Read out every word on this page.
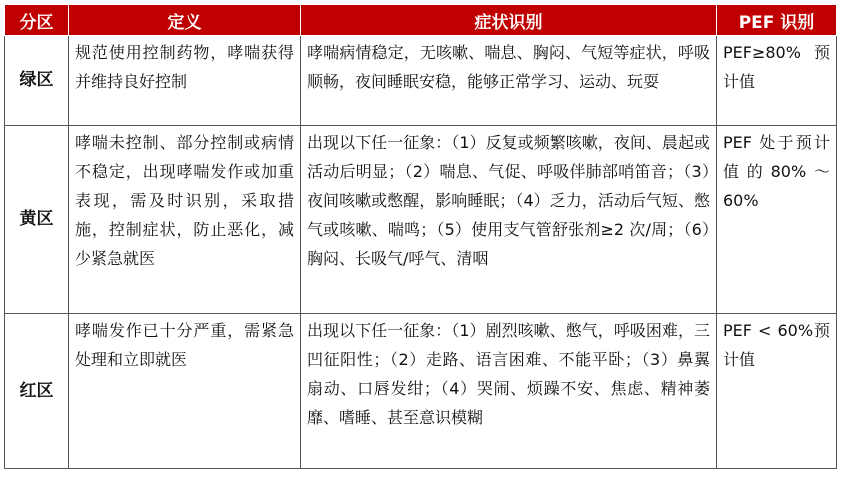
分区	定义	症状识别	PEF 识别
绿区	规范使用控制药物，哮喘获得并维持良好控制	哮喘病情稳定，无咳嗽、喘息、胸闷、气短等症状，呼吸顺畅，夜间睡眠安稳，能够正常学习、运动、玩耍	PEF≥80%预计值
黄区	哮喘未控制、部分控制或病情不稳定，出现哮喘发作或加重表现，需及时识别，采取措施，控制症状，防止恶化，减少紧急就医	出现以下任一征象：（1）反复或频繁咳嗽，夜间、晨起或活动后明显；（2）喘息、气促、呼吸伴肺部哨笛音；（3）夜间咳嗽或憋醒，影响睡眠；（4）乏力，活动后气短、憋气或咳嗽、喘鸣；（5）使用支气管舒张剂≥2 次/周；（6）胸闷、长吸气/呼气、清咽	PEF 处于预计值的80%～60%
红区	哮喘发作已十分严重，需紧急处理和立即就医	出现以下任一征象：（1）剧烈咳嗽、憋气，呼吸困难，三凹征阳性；（2）走路、语言困难、不能平卧；（3）鼻翼扇动、口唇发绀；（4）哭闹、烦躁不安、焦虑、精神萎靡、嗜睡、甚至意识模糊	PEF < 60%预计值
